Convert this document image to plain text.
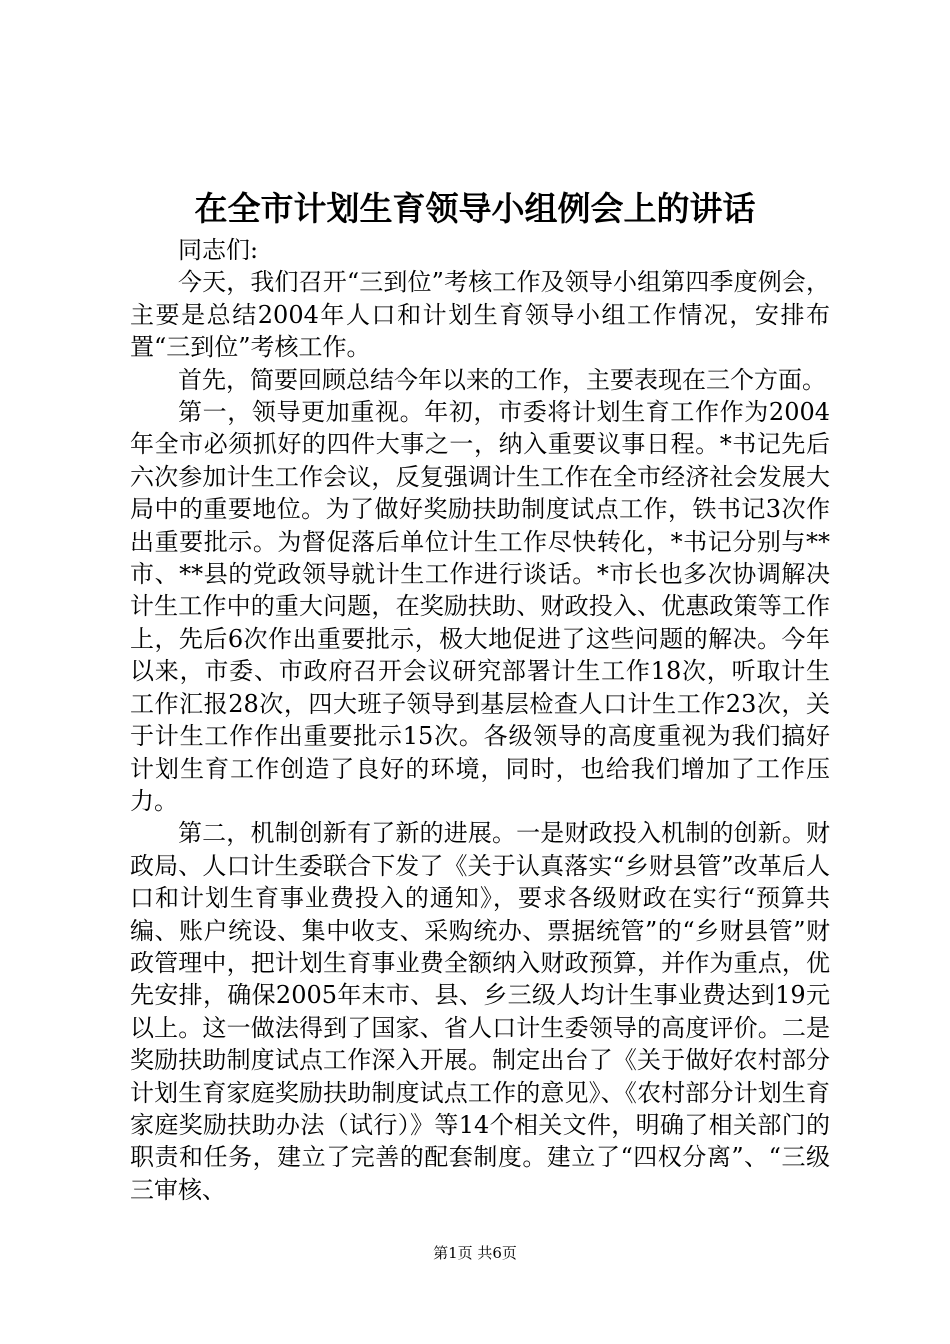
在全市计划生育领导小组例会上的讲话

同志们:

今天，我们召开“三到位”考核工作及领导小组第四季度例会，主要是总结2004年人口和计划生育领导小组工作情况，安排布置“三到位”考核工作。

首先，简要回顾总结今年以来的工作，主要表现在三个方面。

第一，领导更加重视。年初，市委将计划生育工作作为2004年全市必须抓好的四件大事之一，纳入重要议事日程。*书记先后六次参加计生工作会议，反复强调计生工作在全市经济社会发展大局中的重要地位。为了做好奖励扶助制度试点工作，铁书记3次作出重要批示。为督促落后单位计生工作尽快转化，*书记分别与**市、**县的党政领导就计生工作进行谈话。*市长也多次协调解决计生工作中的重大问题，在奖励扶助、财政投入、优惠政策等工作上，先后6次作出重要批示，极大地促进了这些问题的解决。今年以来，市委、市政府召开会议研究部署计生工作18次，听取计生工作汇报28次，四大班子领导到基层检查人口计生工作23次，关于计生工作作出重要批示15次。各级领导的高度重视为我们搞好计划生育工作创造了良好的环境，同时，也给我们增加了工作压力。

第二，机制创新有了新的进展。一是财政投入机制的创新。财政局、人口计生委联合下发了《关于认真落实“乡财县管”改革后人口和计划生育事业费投入的通知》，要求各级财政在实行“预算共编、账户统设、集中收支、采购统办、票据统管”的“乡财县管”财政管理中，把计划生育事业费全额纳入财政预算，并作为重点，优先安排，确保2005年末市、县、乡三级人均计生事业费达到19元以上。这一做法得到了国家、省人口计生委领导的高度评价。二是奖励扶助制度试点工作深入开展。制定出台了《关于做好农村部分计划生育家庭奖励扶助制度试点工作的意见》、《农村部分计划生育家庭奖励扶助办法（试行）》等14个相关文件，明确了相关部门的职责和任务，建立了完善的配套制度。建立了“四权分离”、“三级三审核、

第1页 共6页
